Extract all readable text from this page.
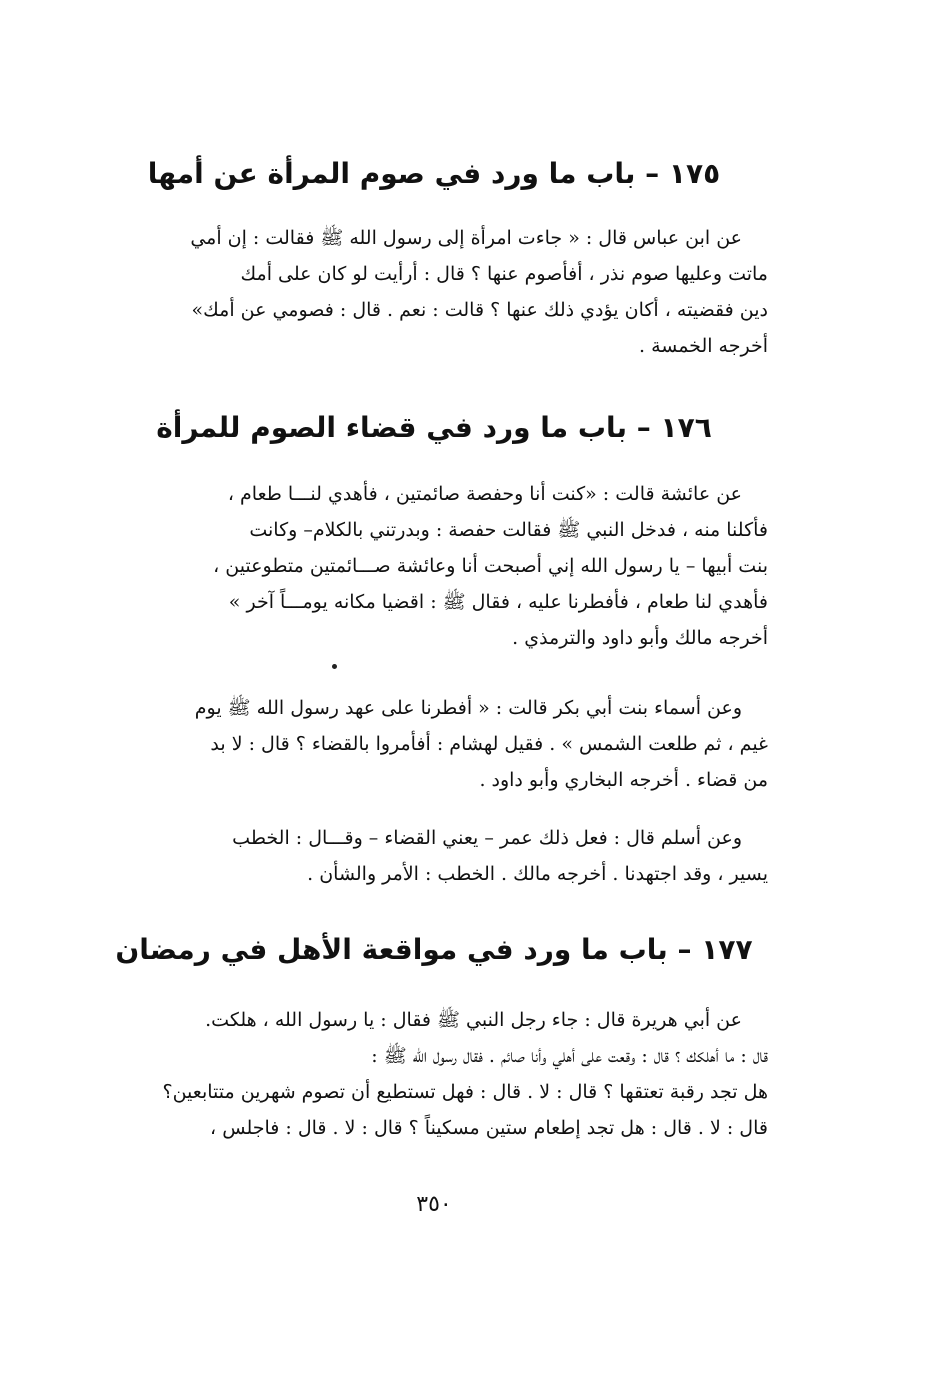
١٧٥ – باب ما ورد في صوم المرأة عن أمها

عن ابن عباس قال : « جاءت امرأة إلى رسول الله ﷺ فقالت : إن أمي

ماتت وعليها صوم نذر ، أفأصوم عنها ؟ قال : أرأيت لو كان على أمك

دين فقضيته ، أكان يؤدي ذلك عنها ؟ قالت : نعم . قال : فصومي عن أمك»

أخرجه الخمسة .

١٧٦ – باب ما ورد في قضاء الصوم للمرأة

عن عائشة قالت : «كنت أنا وحفصة صائمتين ، فأهدي لنـــا طعام ،

فأكلنا منه ، فدخل النبي ﷺ فقالت حفصة : وبدرتني بالكلام– وكانت

بنت أبيها – يا رسول الله إني أصبحت أنا وعائشة صـــائمتين متطوعتين ،

فأهدي لنا طعام ، فأفطرنا عليه ، فقال ﷺ : اقضيا مكانه يومـــاً آخر »

أخرجه مالك وأبو داود والترمذي .

وعن أسماء بنت أبي بكر قالت : « أفطرنا على عهد رسول الله ﷺ يوم

غيم ، ثم طلعت الشمس » . فقيل لهشام : أفأمروا بالقضاء ؟ قال : لا بد

من قضاء . أخرجه البخاري وأبو داود .

وعن أسلم قال : فعل ذلك عمر – يعني القضاء – وقـــال : الخطب

يسير ، وقد اجتهدنا . أخرجه مالك . الخطب : الأمر والشأن .

١٧٧ – باب ما ورد في مواقعة الأهل في رمضان

عن أبي هريرة قال : جاء رجل النبي ﷺ فقال : يا رسول الله ، هلكت.

قال : ما أهلكك ؟ قال : وقعت على أهلي وأنا صائم . فقال رسول الله ﷺ :

هل تجد رقبة تعتقها ؟ قال : لا . قال : فهل تستطيع أن تصوم شهرين متتابعين؟

قال : لا . قال : هل تجد إطعام ستين مسكيناً ؟ قال : لا . قال : فاجلس ،

٣٥٠
